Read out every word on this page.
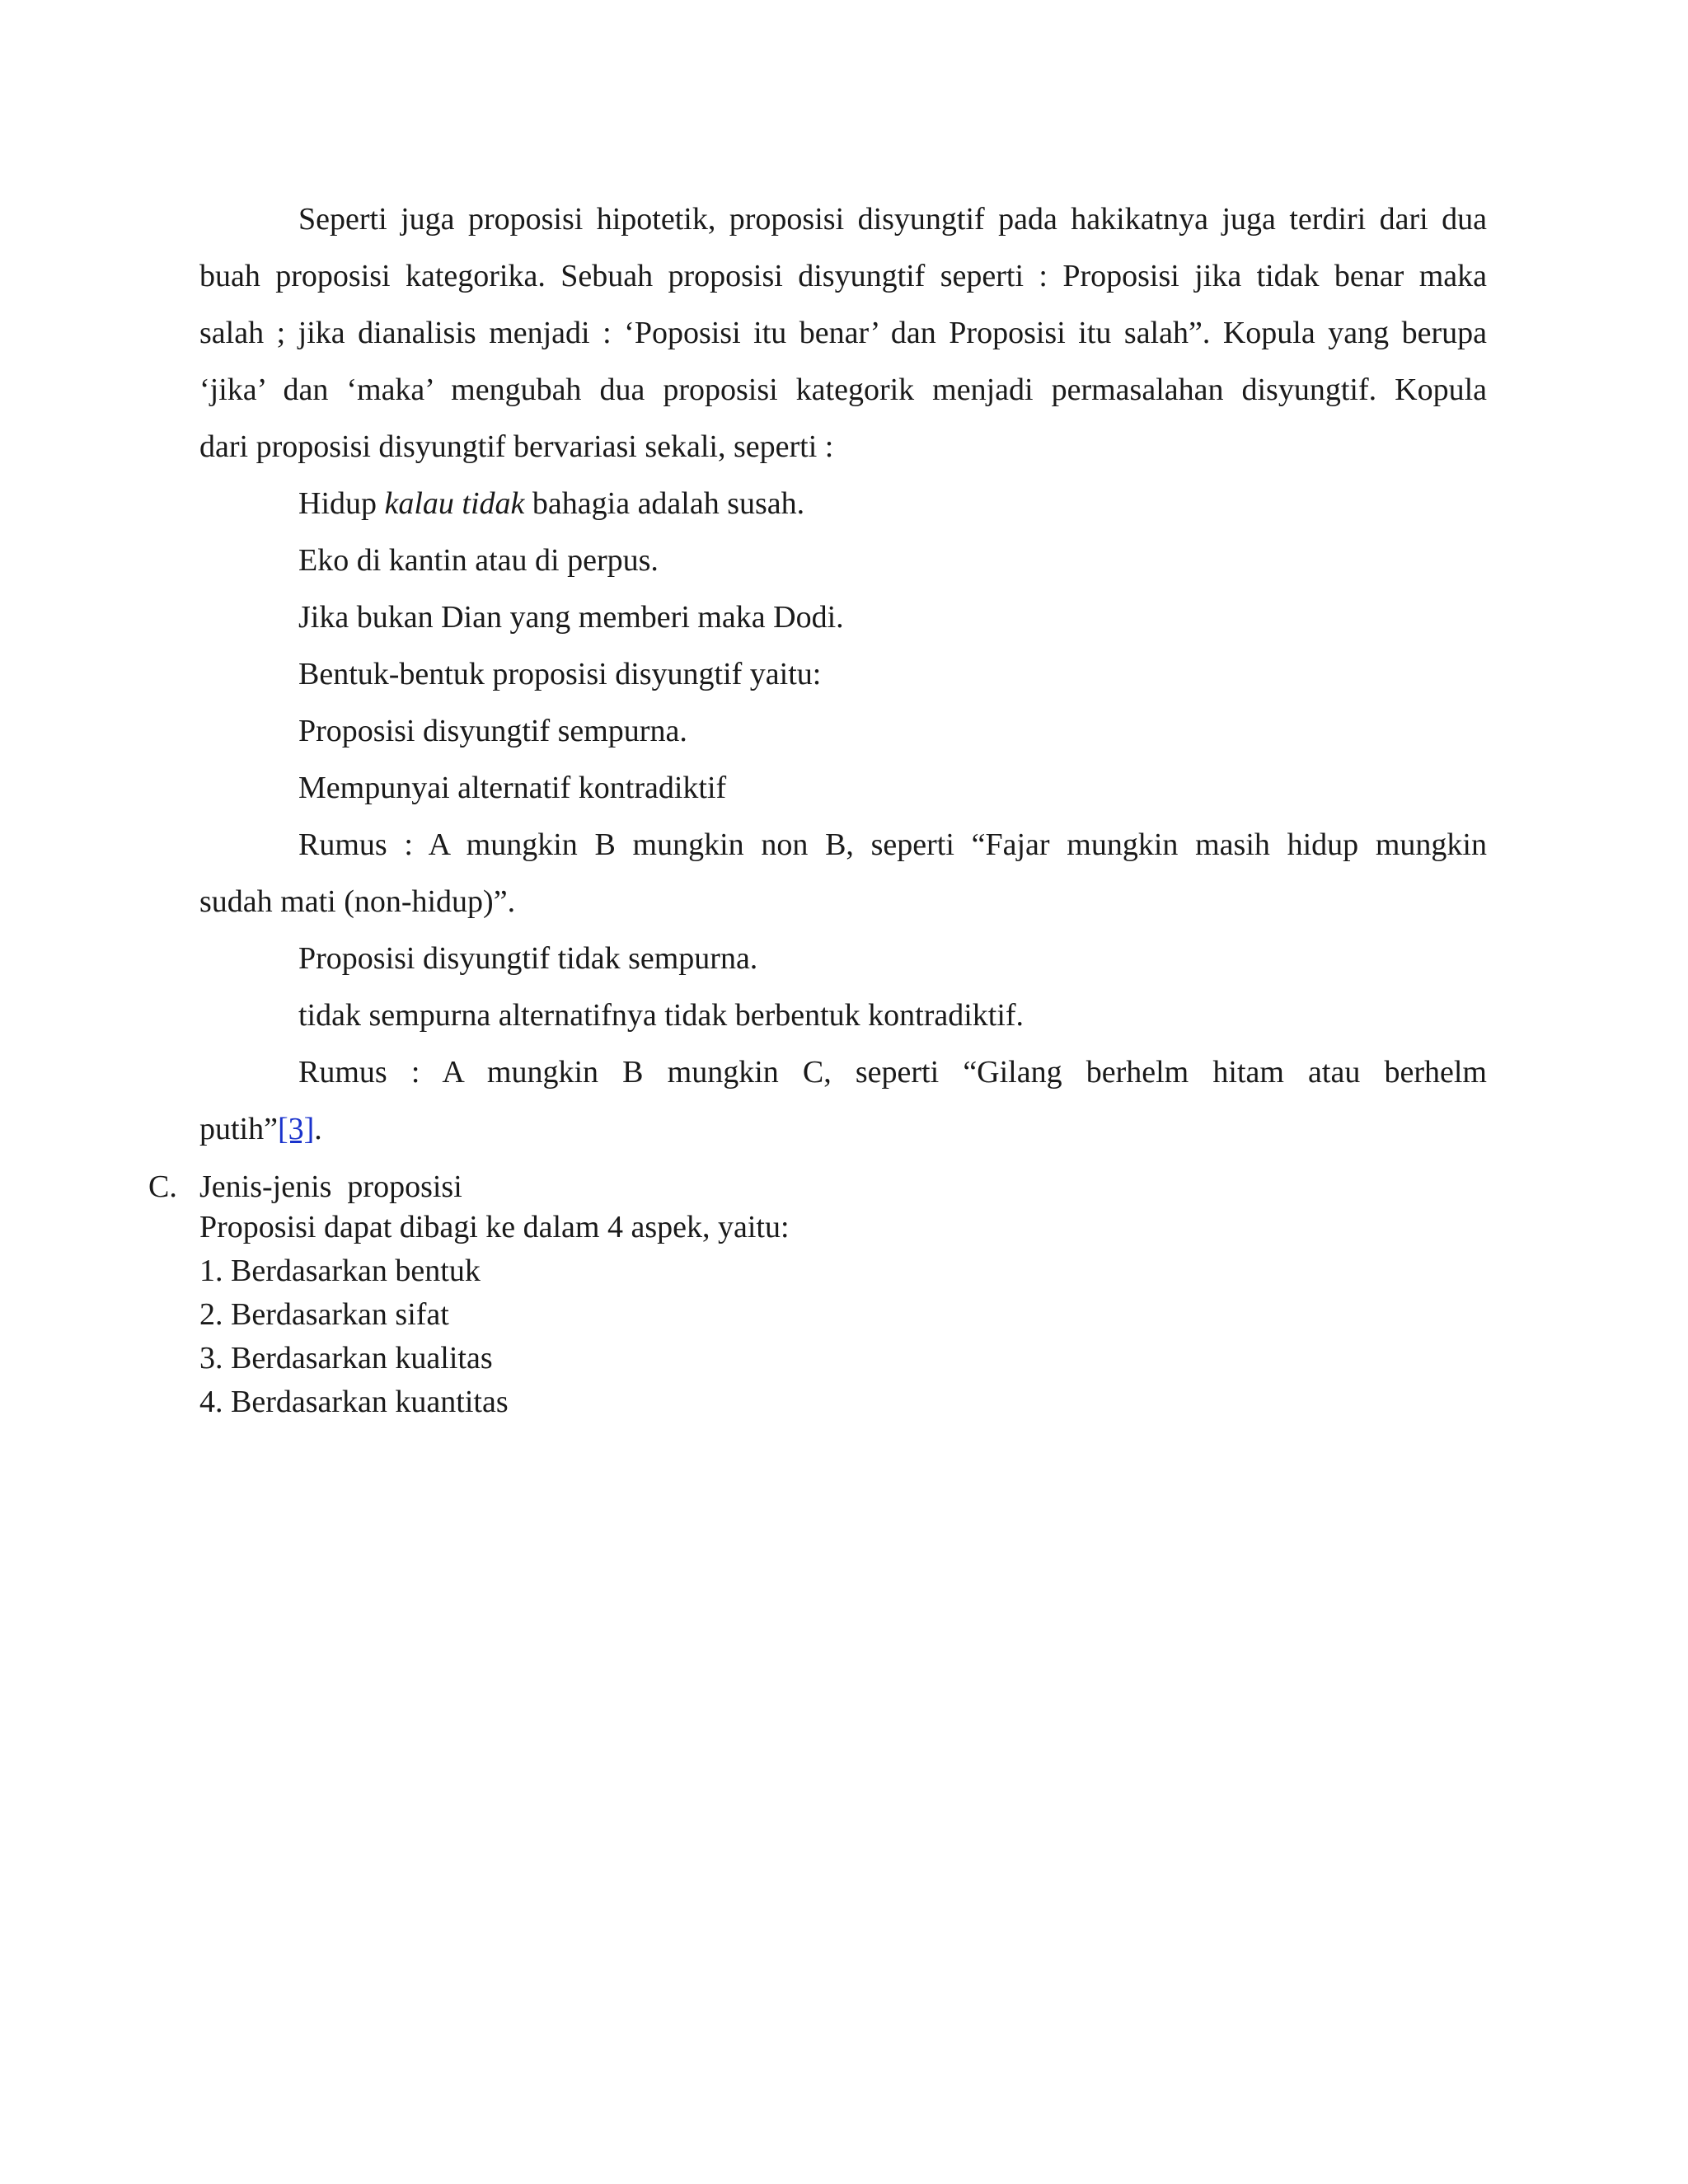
Seperti juga proposisi hipotetik, proposisi disyungtif pada hakikatnya juga terdiri dari dua
buah proposisi kategorika. Sebuah proposisi disyungtif seperti : Proposisi jika tidak benar maka
salah ; jika dianalisis menjadi : ‘Poposisi itu benar’ dan Proposisi itu salah”. Kopula yang berupa
‘jika’ dan ‘maka’ mengubah dua proposisi kategorik menjadi permasalahan disyungtif. Kopula
dari proposisi disyungtif bervariasi sekali, seperti :
Hidup kalau tidak bahagia adalah susah.
Eko di kantin atau di perpus.
Jika bukan Dian yang memberi maka Dodi.
Bentuk-bentuk proposisi disyungtif yaitu:
Proposisi disyungtif sempurna.
Mempunyai alternatif kontradiktif
Rumus : A mungkin B mungkin non B, seperti “Fajar mungkin masih hidup mungkin
sudah mati (non-hidup)”.
Proposisi disyungtif tidak sempurna.
tidak sempurna alternatifnya tidak berbentuk kontradiktif.
Rumus : A mungkin B mungkin C, seperti “Gilang berhelm hitam atau berhelm
putih”[3].
C. Jenis-jenis  proposisi
Proposisi dapat dibagi ke dalam 4 aspek, yaitu:
1. Berdasarkan bentuk
2. Berdasarkan sifat
3. Berdasarkan kualitas
4. Berdasarkan kuantitas
